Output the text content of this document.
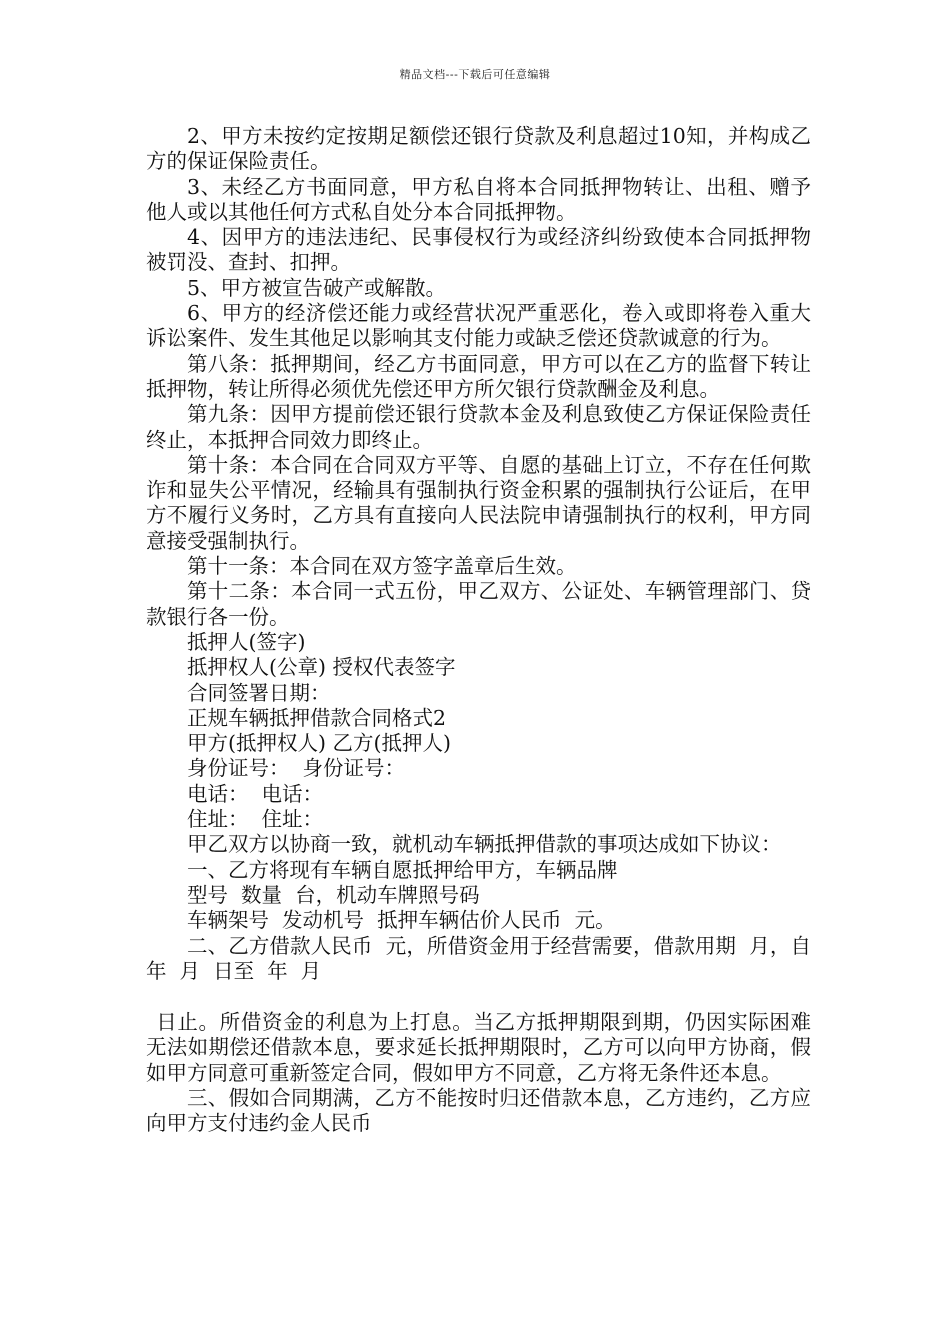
精品文档---下载后可任意编辑

2、甲方未按约定按期足额偿还银行贷款及利息超过10知，并构成乙方的保证保险责任。

3、未经乙方书面同意，甲方私自将本合同抵押物转让、出租、赠予他人或以其他任何方式私自处分本合同抵押物。

4、因甲方的违法违纪、民事侵权行为或经济纠纷致使本合同抵押物被罚没、查封、扣押。

5、甲方被宣告破产或解散。

6、甲方的经济偿还能力或经营状况严重恶化，卷入或即将卷入重大诉讼案件、发生其他足以影响其支付能力或缺乏偿还贷款诚意的行为。

第八条：抵押期间，经乙方书面同意，甲方可以在乙方的监督下转让抵押物，转让所得必须优先偿还甲方所欠银行贷款酬金及利息。

第九条：因甲方提前偿还银行贷款本金及利息致使乙方保证保险责任终止，本抵押合同效力即终止。

第十条：本合同在合同双方平等、自愿的基础上订立，不存在任何欺诈和显失公平情况，经输具有强制执行资金积累的强制执行公证后，在甲方不履行义务时，乙方具有直接向人民法院申请强制执行的权利，甲方同意接受强制执行。

第十一条：本合同在双方签字盖章后生效。

第十二条：本合同一式五份，甲乙双方、公证处、车辆管理部门、贷款银行各一份。

抵押人(签字)

抵押权人(公章) 授权代表签字

合同签署日期：

正规车辆抵押借款合同格式2

甲方(抵押权人) 乙方(抵押人)

身份证号：  身份证号：

电话：  电话：

住址：  住址：

甲乙双方以协商一致，就机动车辆抵押借款的事项达成如下协议：

一、乙方将现有车辆自愿抵押给甲方，车辆品牌

型号  数量  台，机动车牌照号码

车辆架号  发动机号  抵押车辆估价人民币  元。

二、乙方借款人民币  元，所借资金用于经营需要，借款用期  月，自  年  月  日至  年  月

日止。所借资金的利息为上打息。当乙方抵押期限到期，仍因实际困难无法如期偿还借款本息，要求延长抵押期限时，乙方可以向甲方协商，假如甲方同意可重新签定合同，假如甲方不同意，乙方将无条件还本息。

三、假如合同期满，乙方不能按时归还借款本息，乙方违约，乙方应向甲方支付违约金人民币
